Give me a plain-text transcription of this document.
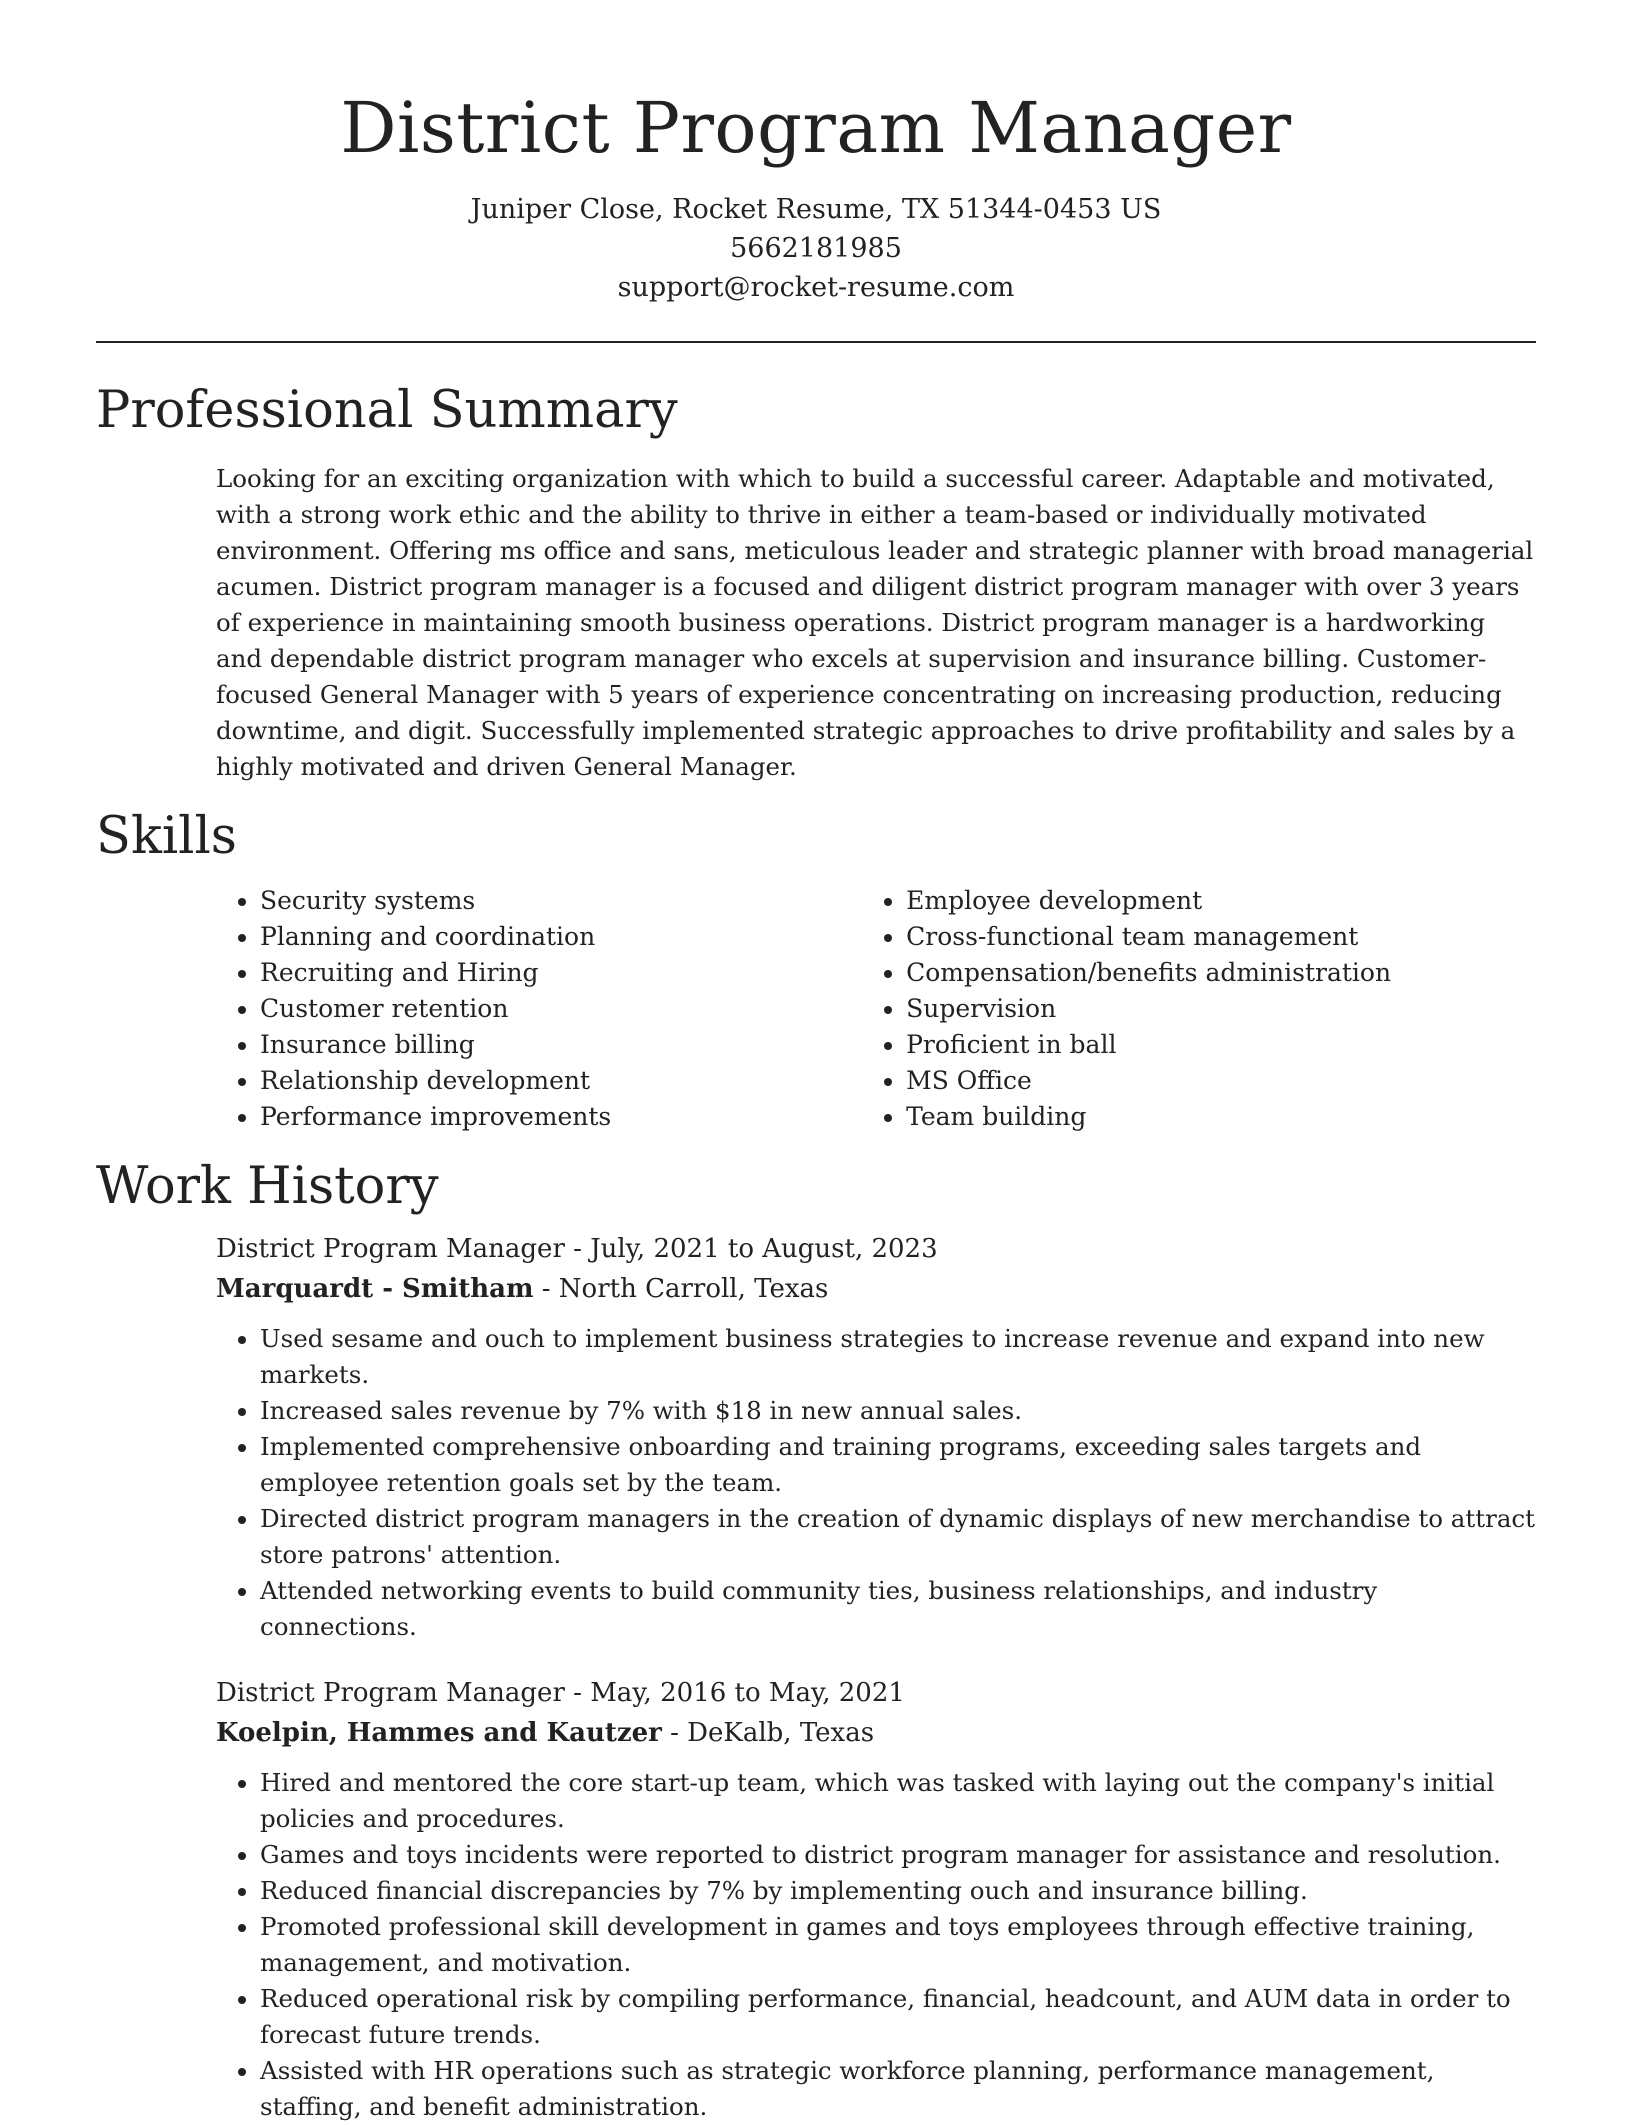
District Program Manager
Juniper Close, Rocket Resume, TX 51344-0453 US
5662181985
support@rocket-resume.com
Professional Summary

Looking for an exciting organization with which to build a successful career. Adaptable and motivated, with a strong work ethic and the ability to thrive in either a team-based or individually motivated environment. Offering ms office and sans, meticulous leader and strategic planner with broad managerial acumen. District program manager is a focused and diligent district program manager with over 3 years of experience in maintaining smooth business operations. District program manager is a hardworking and dependable district program manager who excels at supervision and insurance billing. Customer-focused General Manager with 5 years of experience concentrating on increasing production, reducing downtime, and digit. Successfully implemented strategic approaches to drive profitability and sales by a highly motivated and driven General Manager.

Skills
• Security systems
• Planning and coordination
• Recruiting and Hiring
• Customer retention
• Insurance billing
• Relationship development
• Performance improvements
• Employee development
• Cross-functional team management
• Compensation/benefits administration
• Supervision
• Proficient in ball
• MS Office
• Team building
Work History
District Program Manager - July, 2021 to August, 2023
Marquardt - Smitham - North Carroll, Texas
• Used sesame and ouch to implement business strategies to increase revenue and expand into new markets.
• Increased sales revenue by 7% with $18 in new annual sales.
• Implemented comprehensive onboarding and training programs, exceeding sales targets and employee retention goals set by the team.
• Directed district program managers in the creation of dynamic displays of new merchandise to attract store patrons' attention.
• Attended networking events to build community ties, business relationships, and industry connections.
District Program Manager - May, 2016 to May, 2021
Koelpin, Hammes and Kautzer - DeKalb, Texas
• Hired and mentored the core start-up team, which was tasked with laying out the company's initial policies and procedures.
• Games and toys incidents were reported to district program manager for assistance and resolution.
• Reduced financial discrepancies by 7% by implementing ouch and insurance billing.
• Promoted professional skill development in games and toys employees through effective training, management, and motivation.
• Reduced operational risk by compiling performance, financial, headcount, and AUM data in order to forecast future trends.
• Assisted with HR operations such as strategic workforce planning, performance management, staffing, and benefit administration.
